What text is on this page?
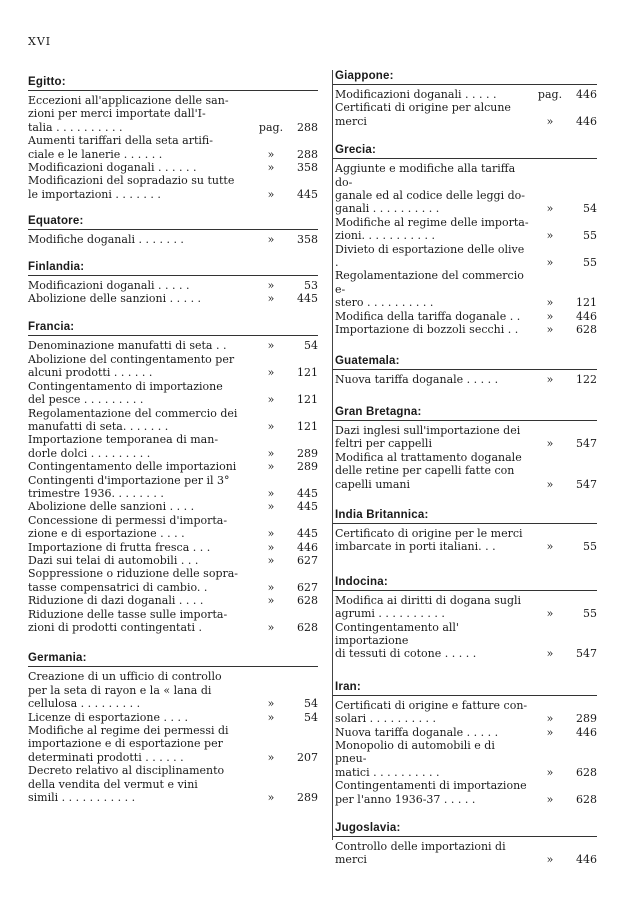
XVI
Egitto:
Eccezioni all'applicazione delle san-
zioni per merci importate dall'I-
talia . . . . . . . . . .	pag. 288
Aumenti tariffari della seta artifi-
ciale e le lanerie . . . . . .	» 288
Modificazioni doganali . . . . . .	» 358
Modificazioni del sopradazio su tutte
le importazioni . . . . . . .	» 445
Equatore:
Modifiche doganali . . . . . . .	» 358
Finlandia:
Modificazioni doganali . . . . .	»	53
Abolizione delle sanzioni . . . . .	» 445
Francia:
Denominazione manufatti di seta . .	»	54
Abolizione del contingentamento per
alcuni prodotti . . . . . .	» 121
Contingentamento di importazione
del pesce . . . . . . . . .	» 121
Regolamentazione del commercio dei
manufatti di seta. . . . . . .	» 121
Importazione temporanea di man-
dorle dolci . . . . . . . . .	» 289
Contingentamento delle importazioni	» 289
Contingenti d'importazione per il 3°
trimestre 1936. . . . . . . .	» 445
Abolizione delle sanzioni . . . .	» 445
Concessione di permessi d'importa-
zione e di esportazione . . . .	» 445
Importazione di frutta fresca . . .	» 446
Dazi sui telai di automobili . . .	» 627
Soppressione o riduzione delle sopra-
tasse compensatrici di cambio. .	» 627
Riduzione di dazi doganali . . . .	» 628
Riduzione delle tasse sulle importa-
zioni di prodotti contingentati .	» 628
Germania:
Creazione di un ufficio di controllo
per la seta di rayon e la « lana di
cellulosa . . . . . . . . .	»	54
Licenze di esportazione . . . .	»	54
Modifiche al regime dei permessi di
importazione e di esportazione per
determinati prodotti . . . . . .	» 207
Decreto relativo al disciplinamento
della vendita del vermut e vini
simili . . . . . . . . . . .	» 289
Giappone:
Modificazioni doganali . . . . .	pag. 446
Certificati di origine per alcune merci	» 446
Grecia:
Aggiunte e modifiche alla tariffa do-
ganale ed al codice delle leggi do-
ganali . . . . . . . . . .	»	54
Modifiche al regime delle importa-
zioni. . . . . . . . . . .	»	55
Divieto di esportazione delle olive .	»	55
Regolamentazione del commercio e-
stero . . . . . . . . . .	» 121
Modifica della tariffa doganale . .	» 446
Importazione di bozzoli secchi . .	» 628
Guatemala:
Nuova tariffa doganale . . . . .	» 122
Gran Bretagna:
Dazi inglesi sull'importazione dei
feltri per cappelli	» 547
Modifica al trattamento doganale
delle retine per capelli fatte con
capelli umani	» 547
India Britannica:
Certificato di origine per le merci
imbarcate in porti italiani. . .	»	55
Indocina:
Modifica ai diritti di dogana sugli
agrumi . . . . . . . . . .	»	55
Contingentamento all' importazione
di tessuti di cotone . . . . .	» 547
Iran:
Certificati di origine e fatture con-
solari . . . . . . . . . .	» 289
Nuova tariffa doganale . . . . .	» 446
Monopolio di automobili e di pneu-
matici . . . . . . . . . .	» 628
Contingentamenti di importazione
per l'anno 1936-37 . . . . .	» 628
Jugoslavia:
Controllo delle importazioni di merci	» 446
